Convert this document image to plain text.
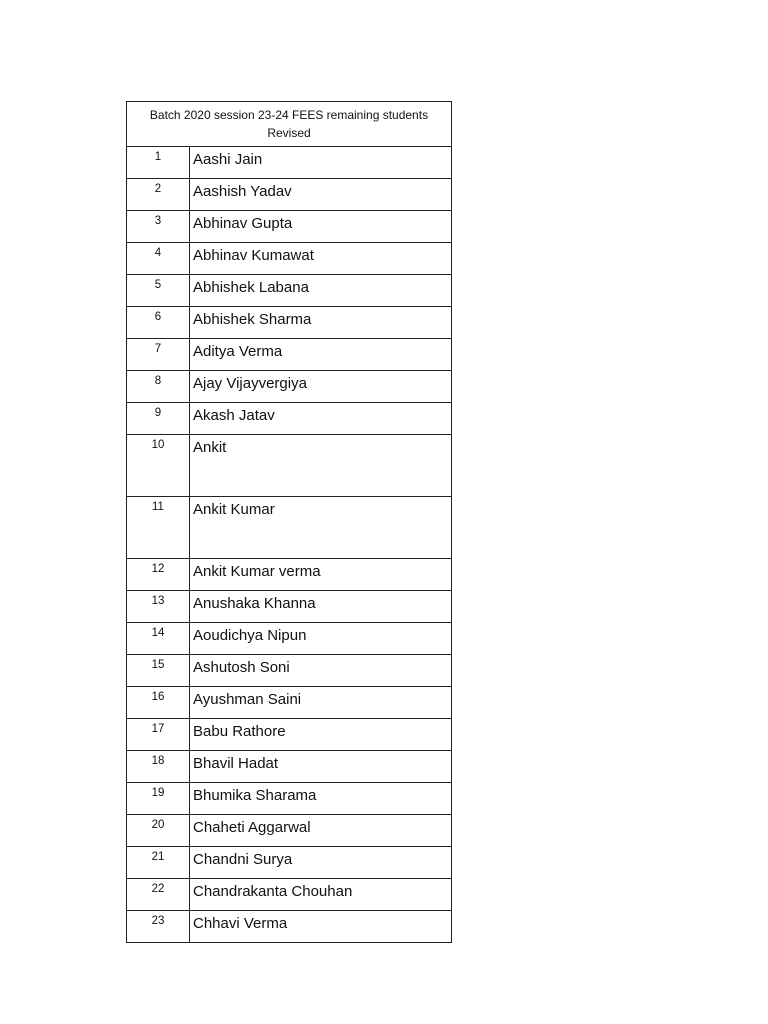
Batch 2020 session 23-24 FEES remaining students
Revised
1	Aashi Jain
2	Aashish Yadav
3	Abhinav Gupta
4	Abhinav Kumawat
5	Abhishek Labana
6	Abhishek Sharma
7	Aditya Verma
8	Ajay Vijayvergiya
9	Akash Jatav
10	Ankit
11	Ankit Kumar
12	Ankit Kumar verma
13	Anushaka Khanna
14	Aoudichya Nipun
15	Ashutosh Soni
16	Ayushman Saini
17	Babu Rathore
18	Bhavil Hadat
19	Bhumika Sharama
20	Chaheti Aggarwal
21	Chandni Surya
22	Chandrakanta Chouhan
23	Chhavi Verma
